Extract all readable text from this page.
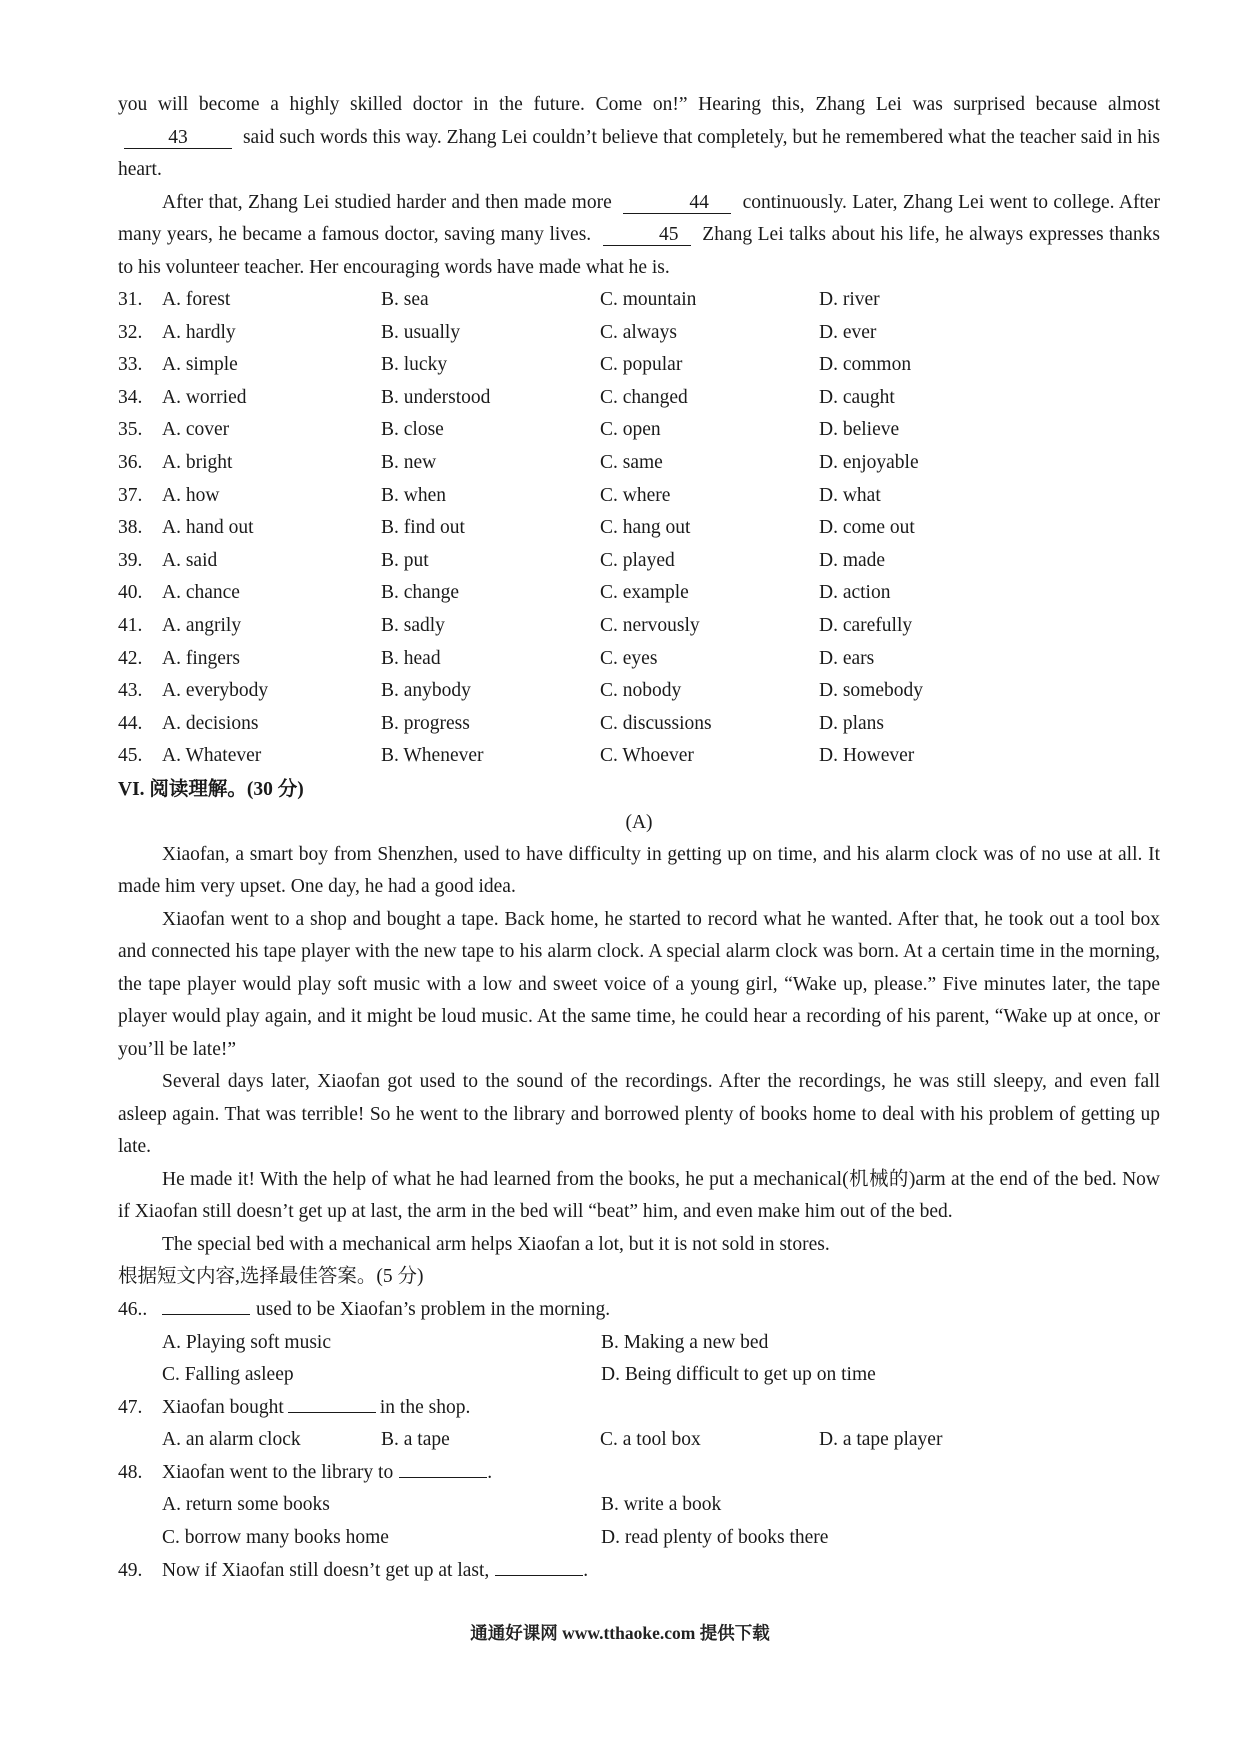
you will become a highly skilled doctor in the future. Come on!” Hearing this, Zhang Lei was surprised because almost 43	said such words this way. Zhang Lei couldn’t believe that completely, but he remembered what the teacher said in his heart.

After that, Zhang Lei studied harder and then made more	44 continuously. Later, Zhang Lei went to college. After many years, he became a famous doctor, saving many lives.	45 Zhang Lei talks about his life, he always expresses thanks to his volunteer teacher. Her encouraging words have made what he is.

31.	A. forest	B. sea	C. mountain	D. river
32.	A. hardly	B. usually	C. always	D. ever
33.	A. simple	B. lucky	C. popular	D. common
34.	A. worried	B. understood	C. changed	D. caught
35.	A. cover	B. close	C. open	D. believe
36.	A. bright	B. new	C. same	D. enjoyable
37.	A. how	B. when	C. where	D. what
38.	A. hand out	B. find out	C. hang out	D. come out
39.	A. said	B. put	C. played	D. made
40.	A. chance	B. change	C. example	D. action
41.	A. angrily	B. sadly	C. nervously	D. carefully
42.	A. fingers	B. head	C. eyes	D. ears
43.	A. everybody	B. anybody	C. nobody	D. somebody
44.	A. decisions	B. progress	C. discussions	D. plans
45.	A. Whatever	B. Whenever	C. Whoever	D. However
VI. 阅读理解。(30 分)
(A)

Xiaofan, a smart boy from Shenzhen, used to have difficulty in getting up on time, and his alarm clock was of no use at all. It made him very upset. One day, he had a good idea.

Xiaofan went to a shop and bought a tape. Back home, he started to record what he wanted. After that, he took out a tool box and connected his tape player with the new tape to his alarm clock. A special alarm clock was born. At a certain time in the morning, the tape player would play soft music with a low and sweet voice of a young girl, “Wake up, please.” Five minutes later, the tape player would play again, and it might be loud music. At the same time, he could hear a recording of his parent, “Wake up at once, or you’ll be late!”

Several days later, Xiaofan got used to the sound of the recordings. After the recordings, he was still sleepy, and even fall asleep again. That was terrible! So he went to the library and borrowed plenty of books home to deal with his problem of getting up late.

He made it! With the help of what he had learned from the books, he put a mechanical(机械的)arm at the end of the bed. Now if Xiaofan still doesn’t get up at last, the arm in the bed will “beat” him, and even make him out of the bed.

The special bed with a mechanical arm helps Xiaofan a lot, but it is not sold in stores.

根据短文内容,选择最佳答案。(5 分)
46..	used to be Xiaofan’s problem in the morning.
A. Playing soft music	B. Making a new bed
C. Falling asleep	D. Being difficult to get up on time
47.	Xiaofan bought	in the shop.
A. an alarm clock	B. a tape	C. a tool box	D. a tape player
48.	Xiaofan went to the library to	.
A. return some books	B. write a book
C. borrow many books home	D. read plenty of books there
49.	Now if Xiaofan still doesn’t get up at last,	.
通通好课网 www.tthaoke.com 提供下载
